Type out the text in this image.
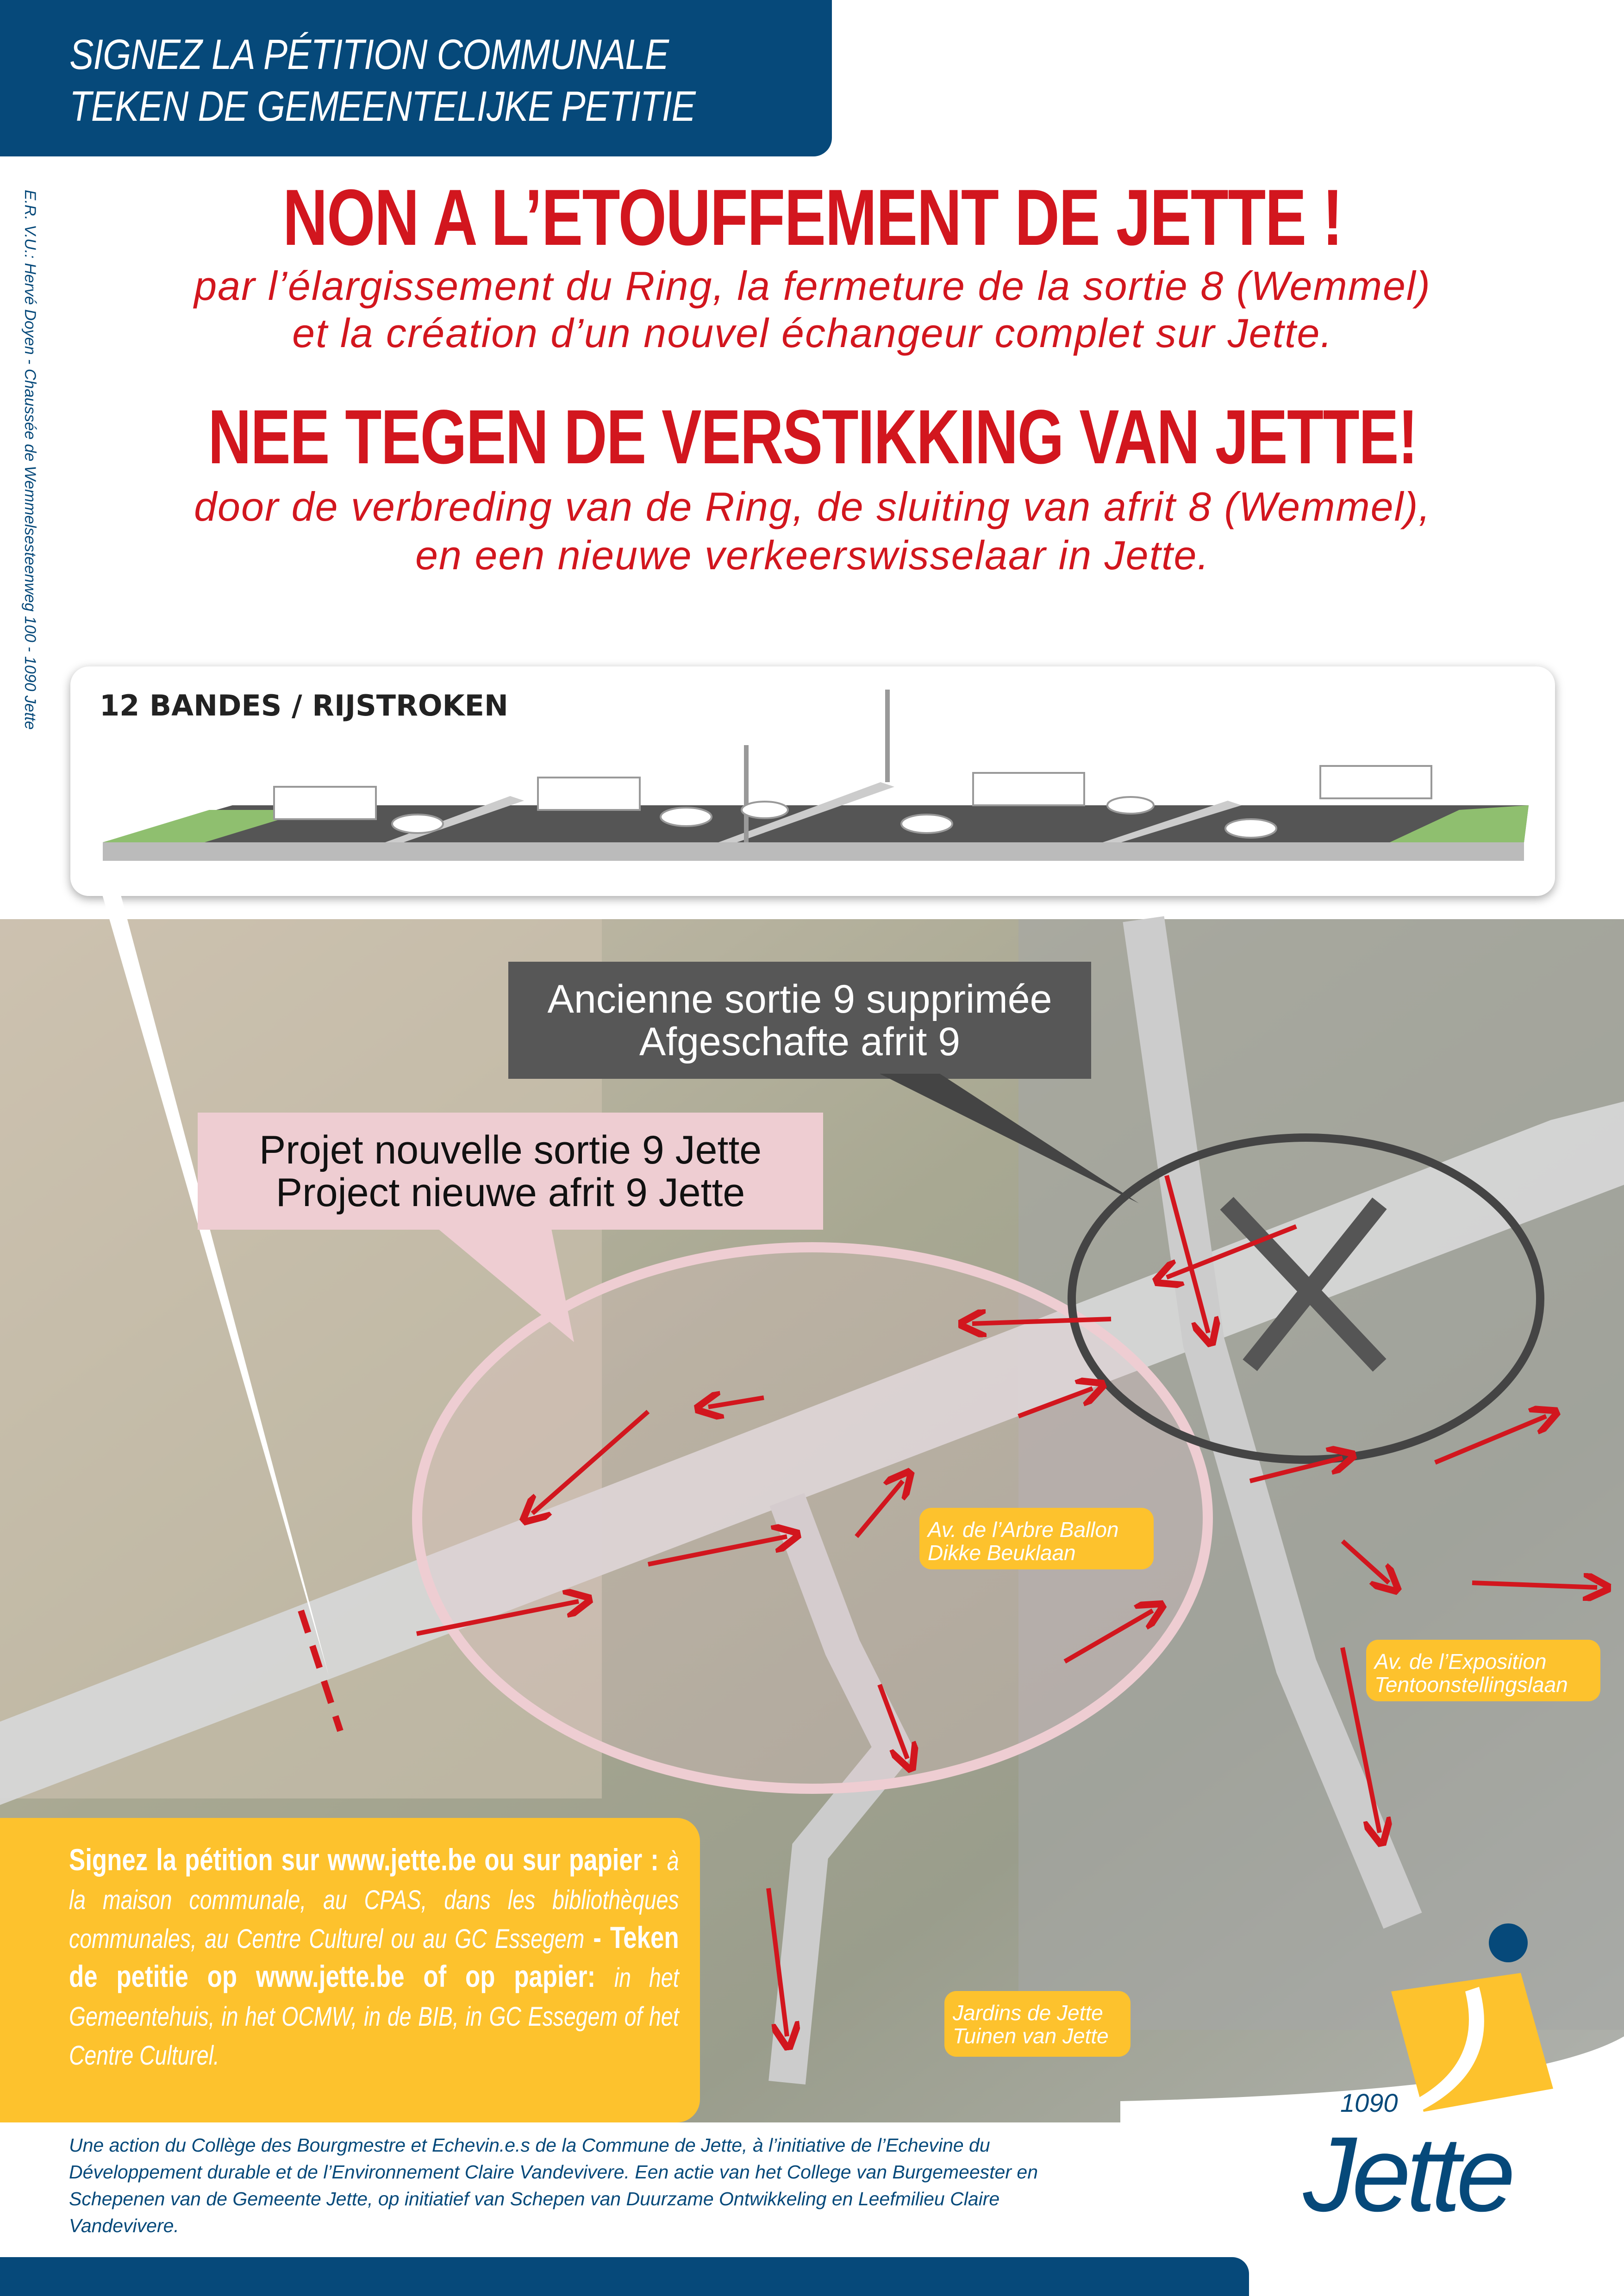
SIGNEZ LA PÉTITION COMMUNALE
TEKEN DE GEMEENTELIJKE PETITIE
E.R. V.U.: Hervé Doyen - Chaussée de Wemmelsesteenweg 100 - 1090 Jette	NON A L’ETOUFFEMENT DE JETTE !
par l’élargissement du Ring, la fermeture de la sortie 8 (Wemmel)
et la création d’un nouvel échangeur complet sur Jette.
NEE TEGEN DE VERSTIKKING VAN JETTE!
door de verbreding van de Ring, de sluiting van afrit 8 (Wemmel),
en een nieuwe verkeerswisselaar in Jette.
12 BANDES / RIJSTROKEN
Ancienne sortie 9 supprimée
Afgeschafte afrit 9
Projet nouvelle sortie 9 Jette
Project nieuwe afrit 9 Jette
Av. de l’Arbre Ballon
Dikke Beuklaan
Av. de l’Exposition
Tentoonstellingslaan
Jardins de Jette
Tuinen van Jette
Signez la pétition sur www.jette.be ou sur papier : à la maison communale, au CPAS, dans les bibliothèques communales, au Centre Culturel ou au GC Essegem - Teken de petitie op www.jette.be of op papier: in het Gemeentehuis, in het OCMW, in de BIB, in GC Essegem of het Centre Culturel.
Une action du Collège des Bourgmestre et Echevin.e.s de la Commune de Jette, à l’initiative de l’Echevine du Développement durable et de l’Environnement Claire Vandevivere. Een actie van het College van Burgemeester en Schepenen van de Gemeente Jette, op initiatief van Schepen van Duurzame Ontwikkeling en Leefmilieu Claire Vandevivere.
1090
Jette
